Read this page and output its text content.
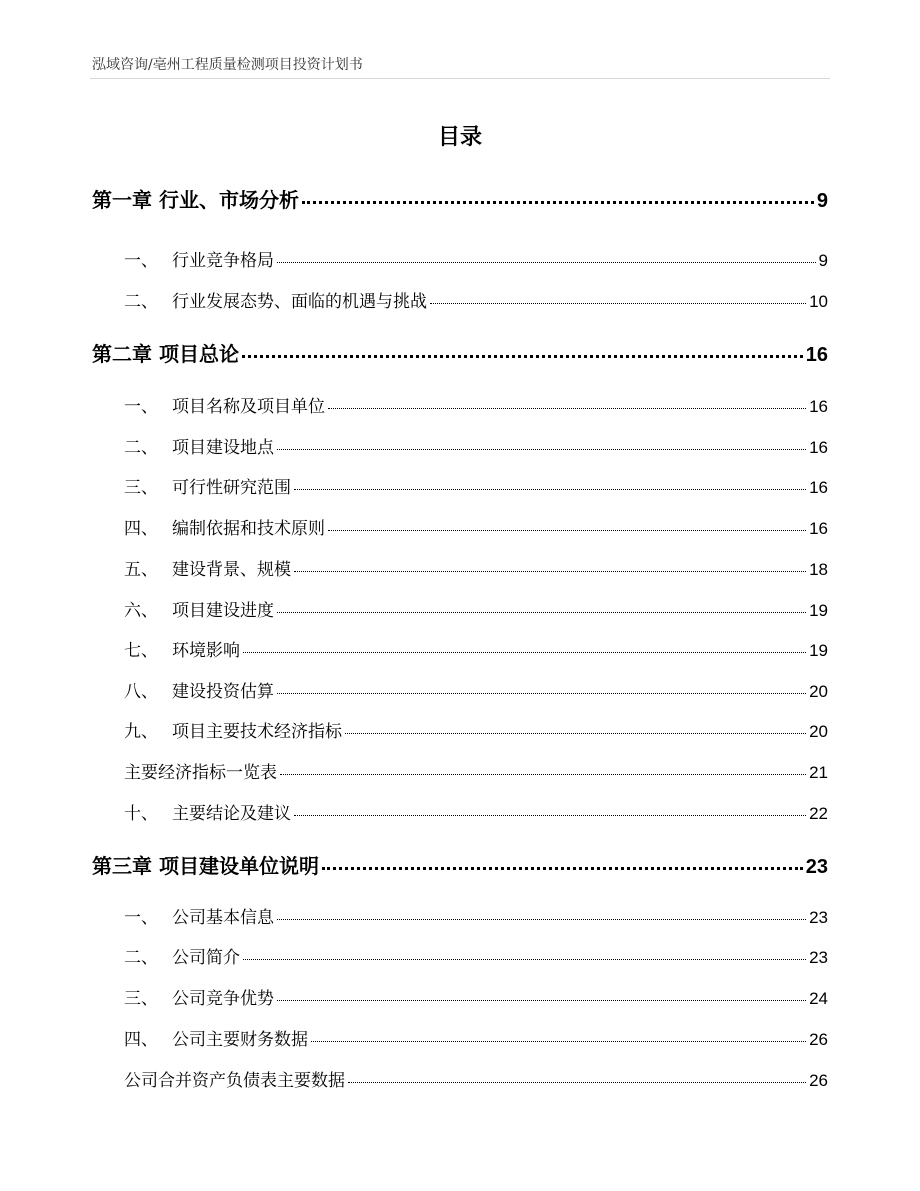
泓域咨询/亳州工程质量检测项目投资计划书
目录
第一章 行业、市场分析	9
一、 行业竞争格局	9
二、 行业发展态势、面临的机遇与挑战	10
第二章 项目总论	16
一、 项目名称及项目单位	16
二、 项目建设地点	16
三、 可行性研究范围	16
四、 编制依据和技术原则	16
五、 建设背景、规模	18
六、 项目建设进度	19
七、 环境影响	19
八、 建设投资估算	20
九、 项目主要技术经济指标	20
主要经济指标一览表	21
十、 主要结论及建议	22
第三章 项目建设单位说明	23
一、 公司基本信息	23
二、 公司简介	23
三、 公司竞争优势	24
四、 公司主要财务数据	26
公司合并资产负债表主要数据	26
